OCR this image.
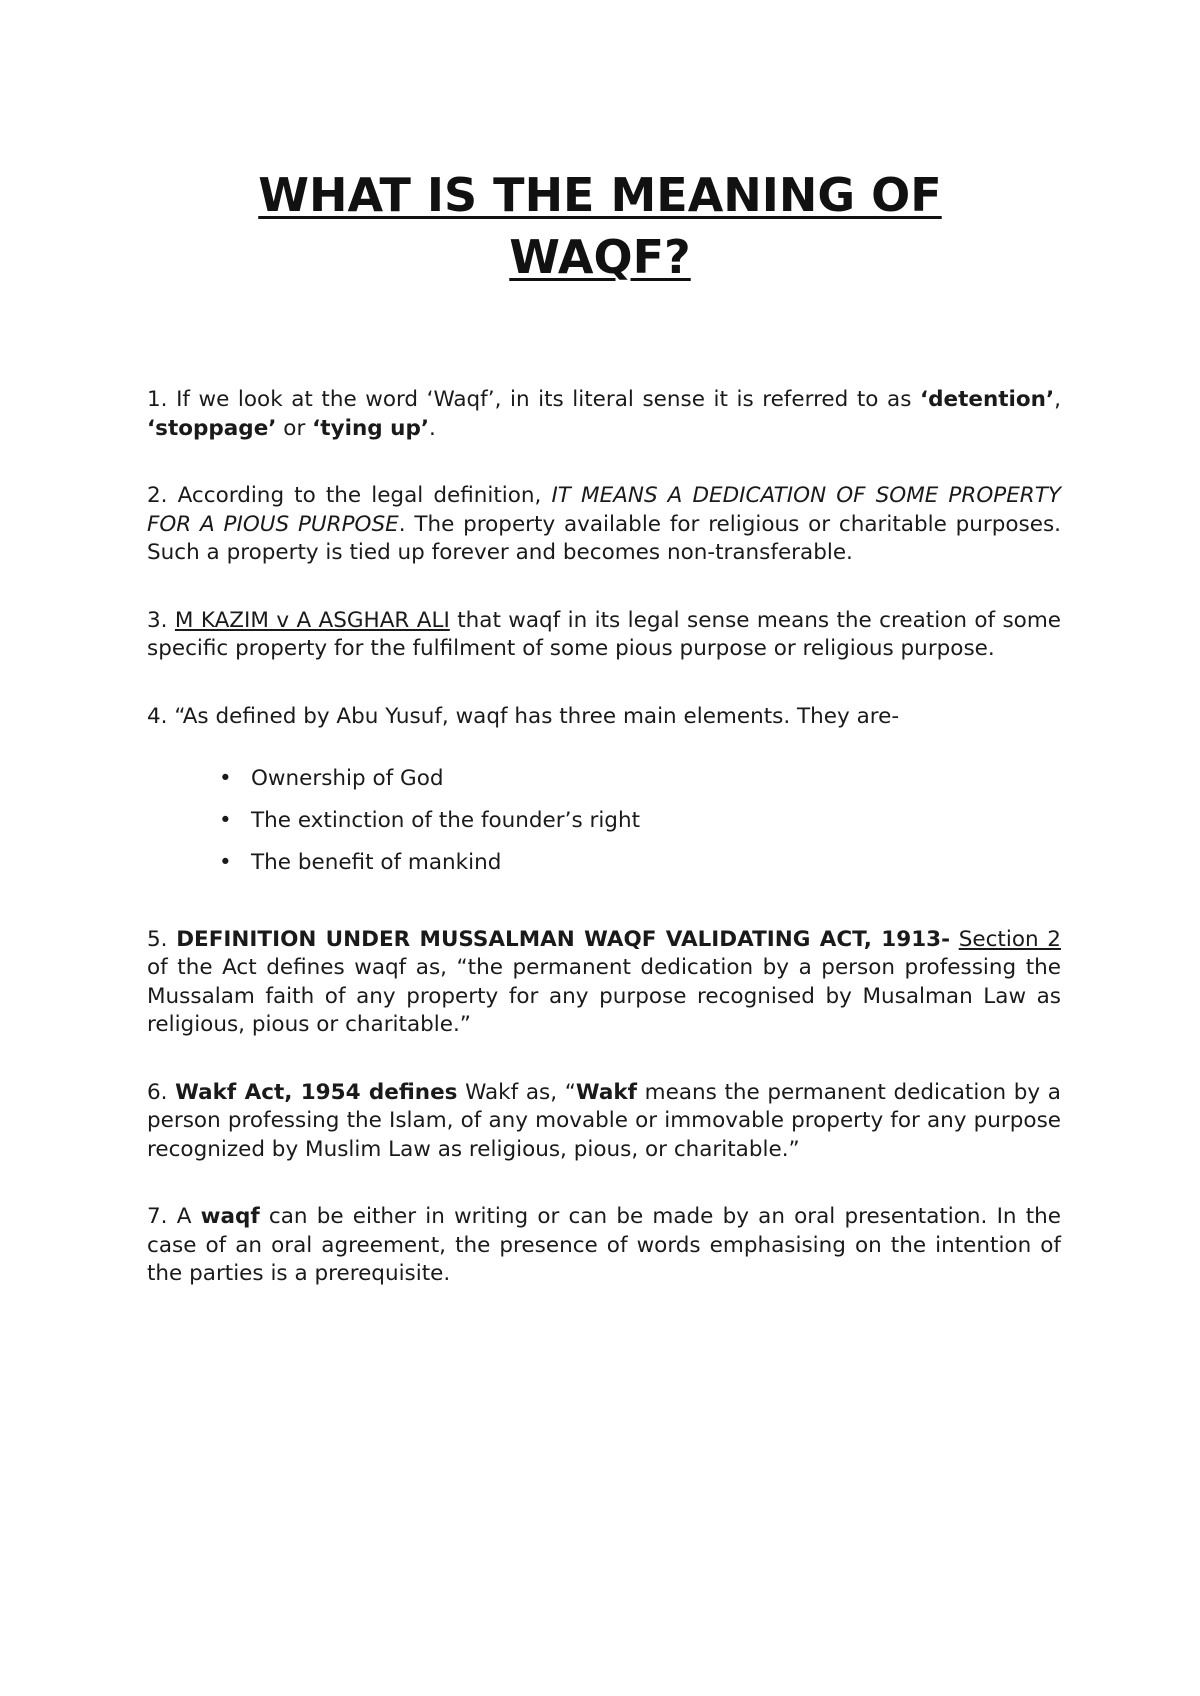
WHAT IS THE MEANING OF
WAQF?

1. If we look at the word ‘Waqf’, in its literal sense it is referred to as ‘detention’, ‘stoppage’ or ‘tying up’.

2. According to the legal definition, IT MEANS A DEDICATION OF SOME PROPERTY FOR A PIOUS PURPOSE. The property available for religious or charitable purposes. Such a property is tied up forever and becomes non-transferable.

3. M KAZIM v A ASGHAR ALI that waqf in its legal sense means the creation of some specific property for the fulfilment of some pious purpose or religious purpose.

4. “As defined by Abu Yusuf, waqf has three main elements. They are-

• Ownership of God
• The extinction of the founder’s right
• The benefit of mankind

5. DEFINITION UNDER MUSSALMAN WAQF VALIDATING ACT, 1913- Section 2 of the Act defines waqf as, “the permanent dedication by a person professing the Mussalam faith of any property for any purpose recognised by Musalman Law as religious, pious or charitable.”

6. Wakf Act, 1954 defines Wakf as, “Wakf means the permanent dedication by a person professing the Islam, of any movable or immovable property for any purpose recognized by Muslim Law as religious, pious, or charitable.”

7. A waqf can be either in writing or can be made by an oral presentation. In the case of an oral agreement, the presence of words emphasising on the intention of the parties is a prerequisite.
